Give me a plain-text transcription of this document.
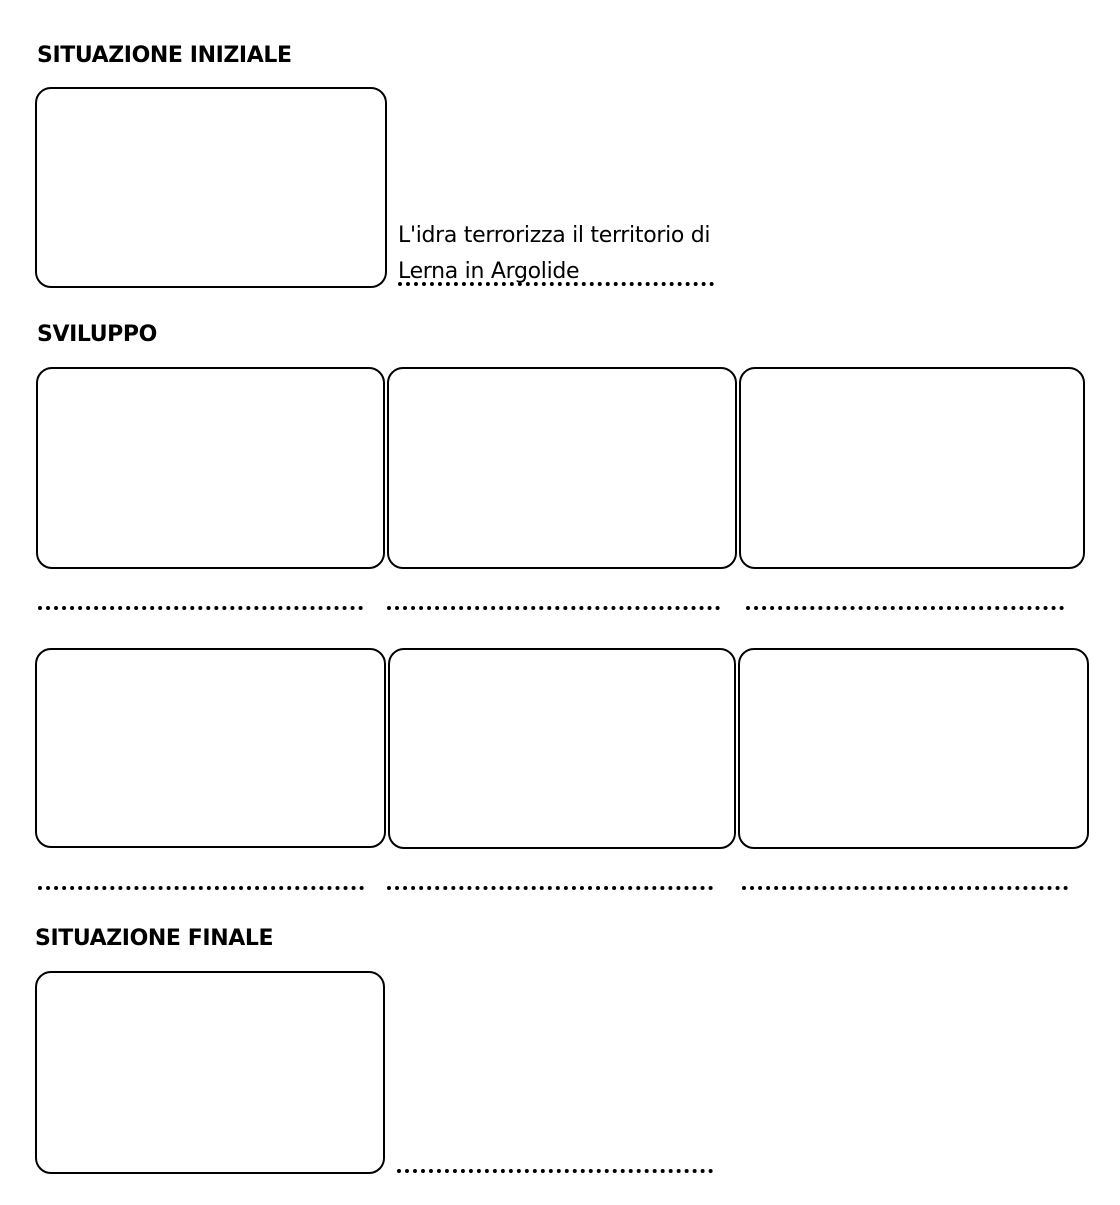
SITUAZIONE INIZIALE

L'idra terrorizza il territorio di
Lerna in Argolide

SVILUPPO
SITUAZIONE FINALE
